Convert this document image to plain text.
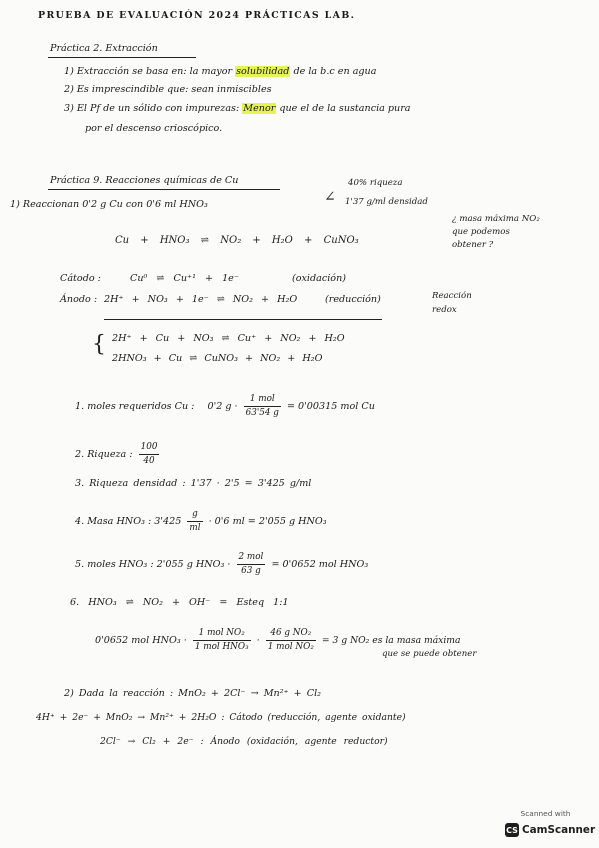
PRUEBA DE EVALUACIÓN 2024 PRÁCTICAS LAB.
Práctica 2. Extracción
1) Extracción se basa en: la mayor solubilidad de la b.c en agua
2) Es imprescindible que: sean inmiscibles
3) El Pf de un sólido con impurezas: Menor que el de la sustancia pura
por el descenso crioscópico.
Práctica 9. Reacciones químicas de Cu	40% riqueza
∠ 1'37 g/ml densidad
1) Reaccionan 0'2 g Cu con 0'6 ml HNO₃
¿ masa máxima NO₂
que podemos
obtener ?
Cu + HNO₃ ⇌ NO₂ + H₂O + CuNO₃
Cátodo :	Cu⁰ ⇌ Cu⁺¹ + 1e⁻	(oxidación)
Ánodo : 2H⁺ + NO₃ + 1e⁻ ⇌ NO₂ + H₂O	(reducción)	Reacción
redox
{ 2H⁺ + Cu + NO₃ ⇌ Cu⁺ + NO₂ + H₂O
2HNO₃ + Cu ⇌ CuNO₃ + NO₂ + H₂O
1. moles requeridos Cu : 0'2 $g \cdot \frac{\text{1 mol}}{63'54 g} = 0'00315$ mol Cu
2. Riqueza : $\frac{100}{40}$
3. Riqueza densidad : 1'37 · 2'5 = 3'425 g/ml
4. Masa HNO₃ : $3'425 \frac{g}{ml} \cdot 0'6$ ml = 2'055 g HNO₃
5. moles HNO₃ : 2'055 g $HNO_3 \cdot \frac{\text{2 mol}}{63 g} = 0'0652$ mol HNO₃
6. HNO₃ ⇌ NO₂ + OH⁻ = Esteq 1:1
0'0652 mol $HNO_3 \cdot \frac{\text{1 mol NO₂}}{\text{1 mol HNO₃}} \cdot \frac{\text{46 g NO₂}}{\text{1 mol NO₂}} = 3$ g NO₂ es la masa máxima
que se puede obtener
2) Dada la reacción : MnO₂ + 2Cl⁻ → Mn²⁺ + Cl₂
4H⁺ + 2e⁻ + MnO₂ → Mn²⁺ + 2H₂O : Cátodo (reducción, agente oxidante)
2Cl⁻ → Cl₂ + 2e⁻ : Ánodo (oxidación, agente reductor)
Scanned with
CS CamScanner
